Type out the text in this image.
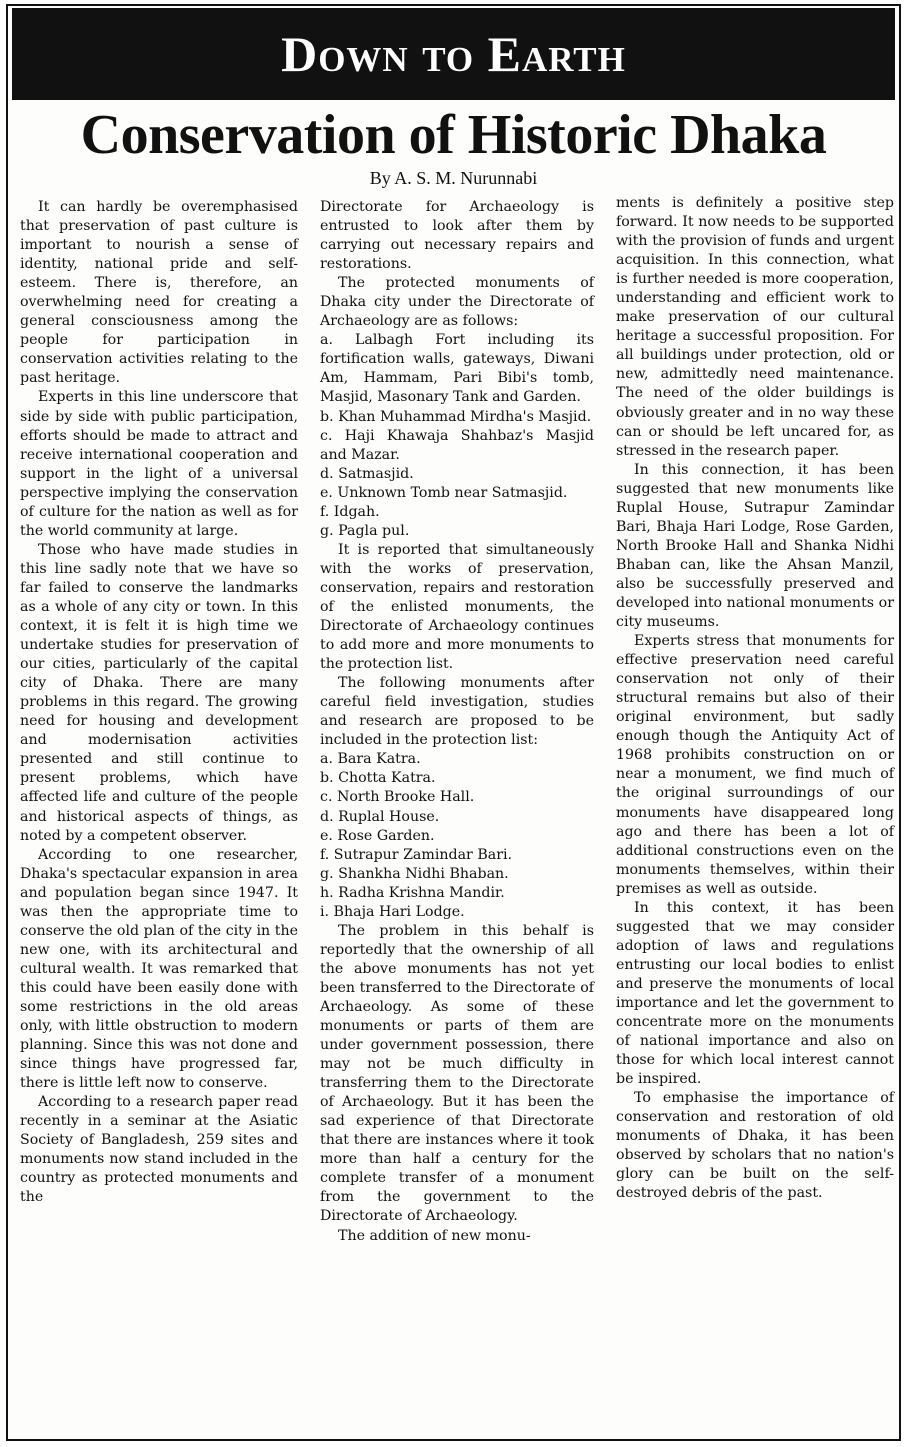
Down to Earth
Conservation of Historic Dhaka
By A. S. M. Nurunnabi

It can hardly be overemphasised that preservation of past culture is important to nourish a sense of identity, national pride and self-esteem. There is, therefore, an overwhelming need for creating a general consciousness among the people for participation in conservation activities relating to the past heritage.

Experts in this line underscore that side by side with public participation, efforts should be made to attract and receive international cooperation and support in the light of a universal perspective implying the conservation of culture for the nation as well as for the world community at large.

Those who have made studies in this line sadly note that we have so far failed to conserve the landmarks as a whole of any city or town. In this context, it is felt it is high time we undertake studies for preservation of our cities, particularly of the capital city of Dhaka. There are many problems in this regard. The growing need for housing and development and modernisation activities presented and still continue to present problems, which have affected life and culture of the people and historical aspects of things, as noted by a competent observer.

According to one researcher, Dhaka's spectacular expansion in area and population began since 1947. It was then the appropriate time to conserve the old plan of the city in the new one, with its architectural and cultural wealth. It was remarked that this could have been easily done with some restrictions in the old areas only, with little obstruction to modern planning. Since this was not done and since things have progressed far, there is little left now to conserve.

According to a research paper read recently in a seminar at the Asiatic Society of Bangladesh, 259 sites and monuments now stand included in the country as protected monuments and the

Directorate for Archaeology is entrusted to look after them by carrying out necessary repairs and restorations.

The protected monuments of Dhaka city under the Directorate of Archaeology are as follows:

a. Lalbagh Fort including its fortification walls, gateways, Diwani Am, Hammam, Pari Bibi's tomb, Masjid, Masonary Tank and Garden.

b. Khan Muhammad Mirdha's Masjid.

c. Haji Khawaja Shahbaz's Masjid and Mazar.

d. Satmasjid.

e. Unknown Tomb near Satmasjid.

f. Idgah.

g. Pagla pul.

It is reported that simultaneously with the works of preservation, conservation, repairs and restoration of the enlisted monuments, the Directorate of Archaeology continues to add more and more monuments to the protection list.

The following monuments after careful field investigation, studies and research are proposed to be included in the protection list:

a. Bara Katra.

b. Chotta Katra.

c. North Brooke Hall.

d. Ruplal House.

e. Rose Garden.

f. Sutrapur Zamindar Bari.

g. Shankha Nidhi Bhaban.

h. Radha Krishna Mandir.

i. Bhaja Hari Lodge.

The problem in this behalf is reportedly that the ownership of all the above monuments has not yet been transferred to the Directorate of Archaeology. As some of these monuments or parts of them are under government possession, there may not be much difficulty in transferring them to the Directorate of Archaeology. But it has been the sad experience of that Directorate that there are instances where it took more than half a century for the complete transfer of a monument from the government to the Directorate of Archaeology.

The addition of new monu-

ments is definitely a positive step forward. It now needs to be supported with the provision of funds and urgent acquisition. In this connection, what is further needed is more cooperation, understanding and efficient work to make preservation of our cultural heritage a successful proposition. For all buildings under protection, old or new, admittedly need maintenance. The need of the older buildings is obviously greater and in no way these can or should be left uncared for, as stressed in the research paper.

In this connection, it has been suggested that new monuments like Ruplal House, Sutrapur Zamindar Bari, Bhaja Hari Lodge, Rose Garden, North Brooke Hall and Shanka Nidhi Bhaban can, like the Ahsan Manzil, also be successfully preserved and developed into national monuments or city museums.

Experts stress that monuments for effective preservation need careful conservation not only of their structural remains but also of their original environment, but sadly enough though the Antiquity Act of 1968 prohibits construction on or near a monument, we find much of the original surroundings of our monuments have disappeared long ago and there has been a lot of additional constructions even on the monuments themselves, within their premises as well as outside.

In this context, it has been suggested that we may consider adoption of laws and regulations entrusting our local bodies to enlist and preserve the monuments of local importance and let the government to concentrate more on the monuments of national importance and also on those for which local interest cannot be inspired.

To emphasise the importance of conservation and restoration of old monuments of Dhaka, it has been observed by scholars that no nation's glory can be built on the self-destroyed debris of the past.
